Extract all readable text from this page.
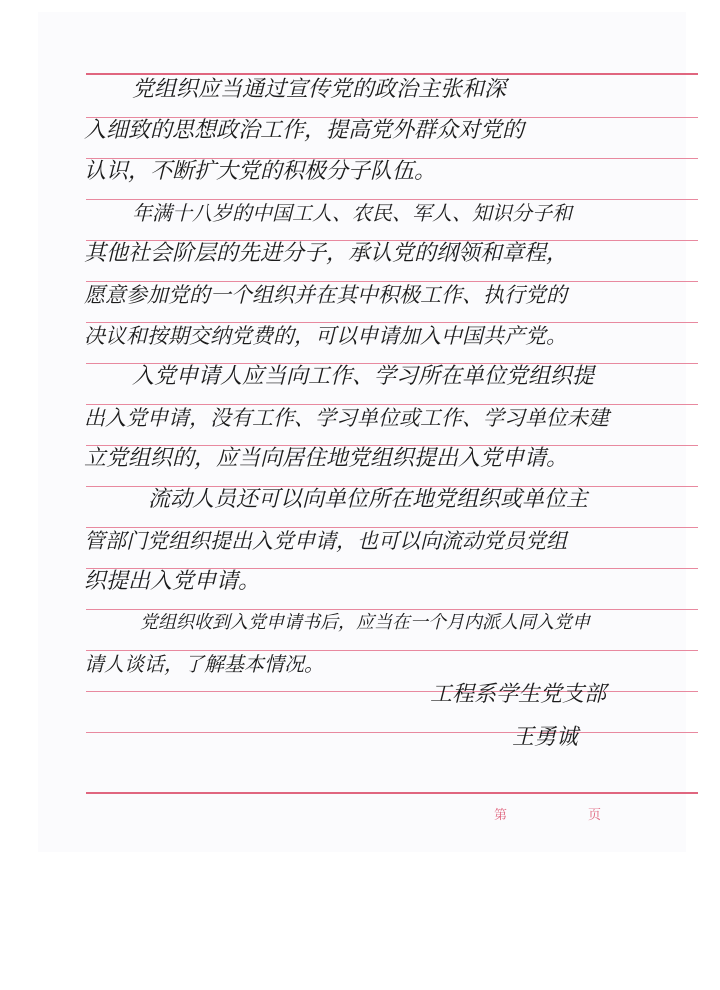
党组织应当通过宣传党的政治主张和深

入细致的思想政治工作，提高党外群众对党的

认识，不断扩大党的积极分子队伍。

年满十八岁的中国工人、农民、军人、知识分子和

其他社会阶层的先进分子，承认党的纲领和章程，

愿意参加党的一个组织并在其中积极工作、执行党的

决议和按期交纳党费的，可以申请加入中国共产党。

入党申请人应当向工作、学习所在单位党组织提

出入党申请，没有工作、学习单位或工作、学习单位未建

立党组织的，应当向居住地党组织提出入党申请。

流动人员还可以向单位所在地党组织或单位主

管部门党组织提出入党申请，也可以向流动党员党组

织提出入党申请。

党组织收到入党申请书后，应当在一个月内派人同入党申

请人谈话，了解基本情况。

工程系学生党支部

王勇诚

第	页
